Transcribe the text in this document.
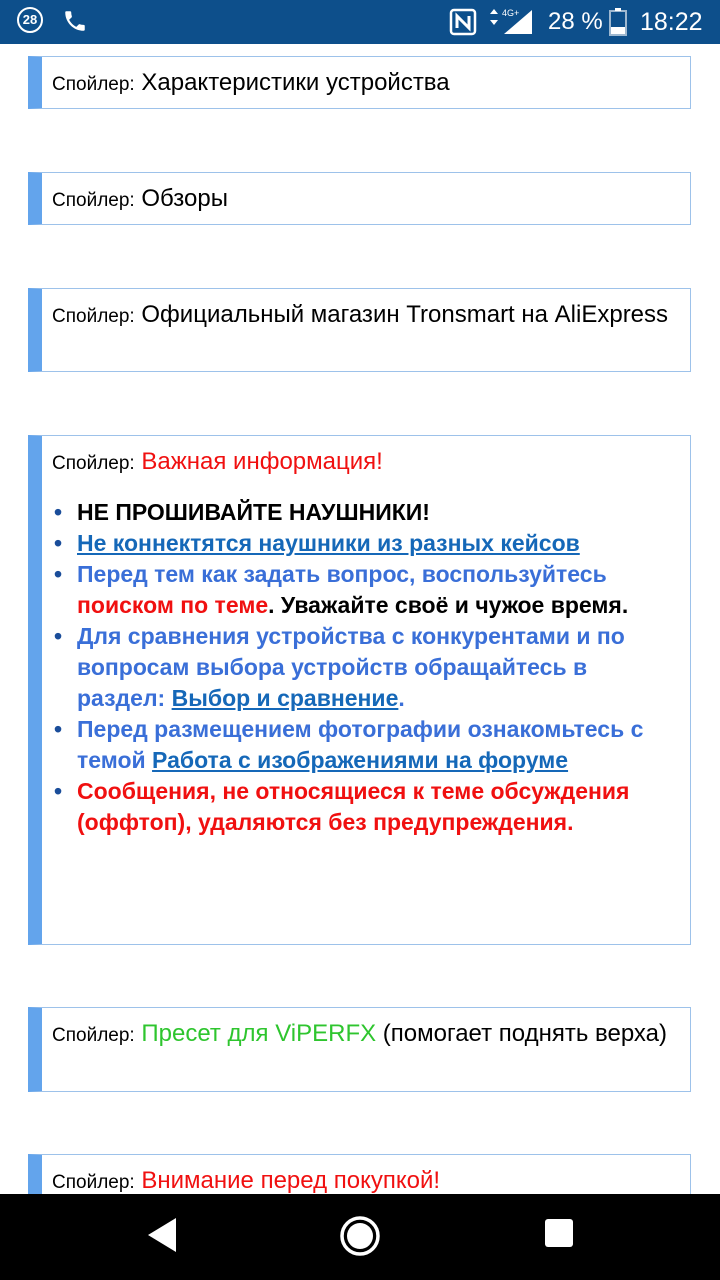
28	4G+ 28 % 18:22
Спойлер: Характеристики устройства
Спойлер: Обзоры
Спойлер: Официальный магазин Tronsmart на AliExpress
Спойлер: Важная информация!
• НЕ ПРОШИВАЙТЕ НАУШНИКИ!
• Не коннектятся наушники из разных кейсов
• Перед тем как задать вопрос, воспользуйтесь поиском по теме. Уважайте своё и чужое время.
• Для сравнения устройства с конкурентами и по вопросам выбора устройств обращайтесь в раздел: Выбор и сравнение.
• Перед размещением фотографии ознакомьтесь с темой Работа с изображениями на форуме
• Сообщения, не относящиеся к теме обсуждения (оффтоп), удаляются без предупреждения.
Спойлер: Пресет для ViPERFX (помогает поднять верха)
Спойлер: Внимание перед покупкой!
